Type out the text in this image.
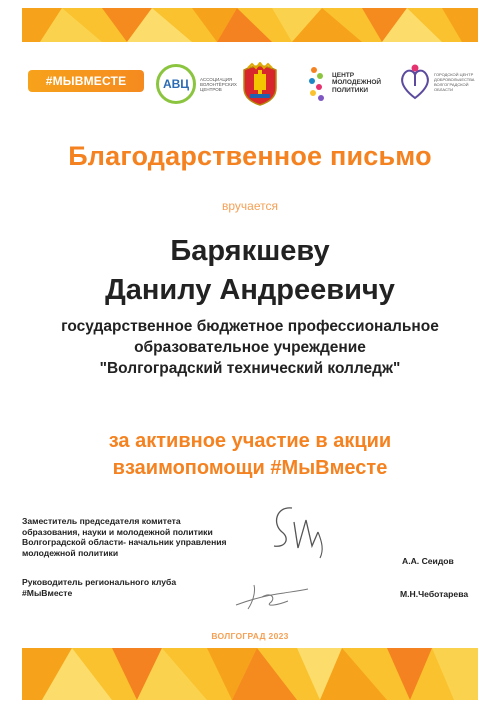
#МЫВМЕСТЕ	АВЦ	АССОЦИАЦИЯ ВОЛОНТЁРСКИХ ЦЕНТРОВ
ЦЕНТР
МОЛОДЕЖНОЙ
ПОЛИТИКИ
ГОРОДСКОЙ ЦЕНТР ДОБРОВОЛЬЧЕСТВА ВОЛГОГРАДСКОЙ ОБЛАСТИ
Благодарственное письмо
вручается
Барякшеву
Данилу Андреевичу
государственное бюджетное профессиональное
образовательное учреждение
"Волгоградский технический колледж"
за активное участие в акции
взаимопомощи #МыВместе
Заместитель председателя комитета
образования, науки и молодежной политики
Волгоградской области- начальник управления
молодежной политики
А.А. Сеидов
Руководитель регионального клуба
#МыВместе	М.Н.Чеботарева
ВОЛГОГРАД 2023
